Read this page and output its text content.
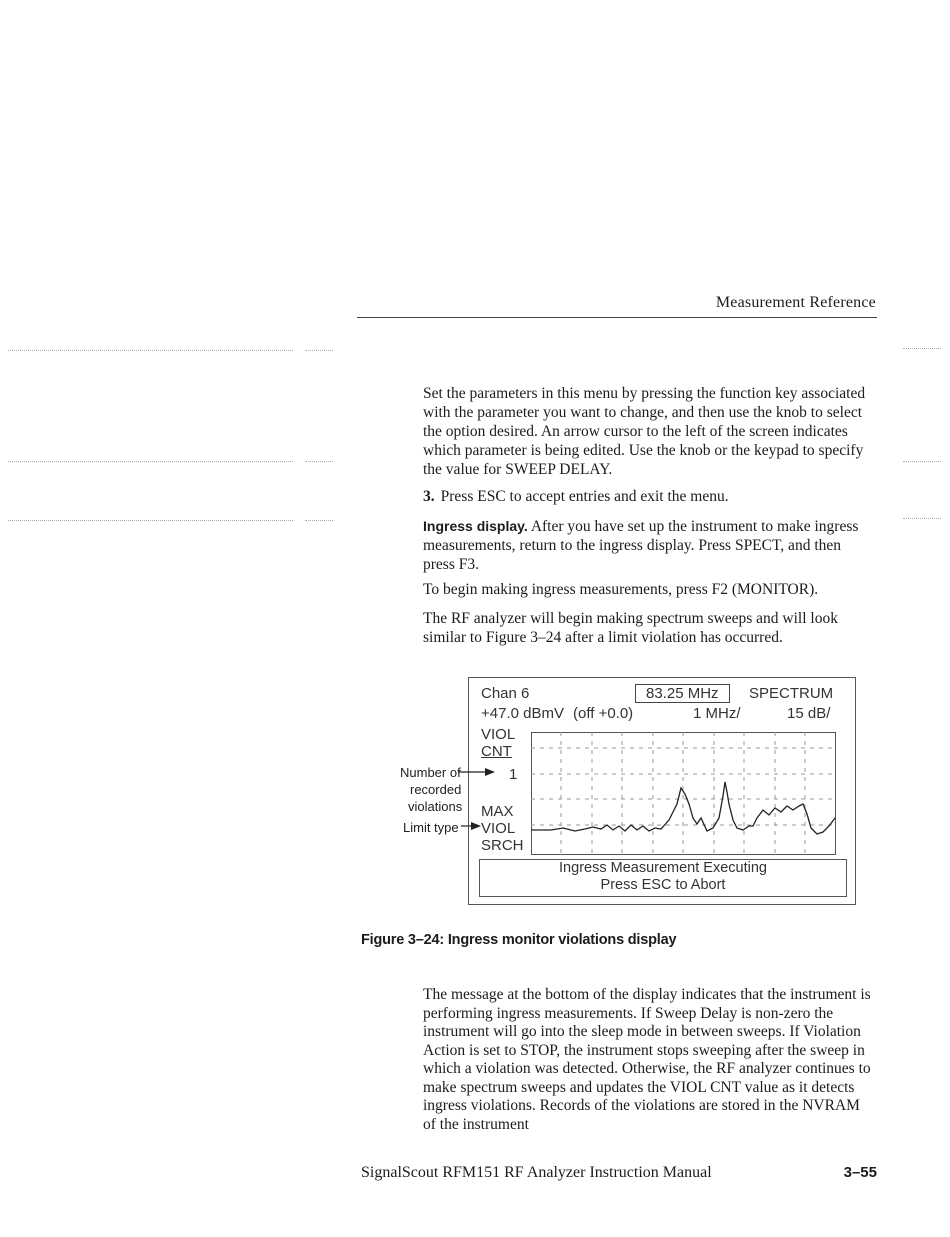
Measurement Reference
Set the parameters in this menu by pressing the function key associated with the parameter you want to change, and then use the knob to select the option desired. An arrow cursor to the left of the screen indicates which parameter is being edited. Use the knob or the keypad to specify the value for SWEEP DELAY.
3. Press ESC to accept entries and exit the menu.
Ingress display. After you have set up the instrument to make ingress measurements, return to the ingress display. Press SPECT, and then press F3.
To begin making ingress measurements, press F2 (MONITOR).
The RF analyzer will begin making spectrum sweeps and will look similar to Figure 3–24 after a limit violation has occurred.
Chan 6	83.25 MHz	SPECTRUM
+47.0 dBmV (off +0.0)	1 MHz/	15 dB/
VIOL
CNT
1
MAX
VIOL
SRCH
Ingress Measurement Executing
Press ESC to Abort
Number of
recorded
violations
Limit type
Figure 3–24: Ingress monitor violations display
The message at the bottom of the display indicates that the instrument is performing ingress measurements. If Sweep Delay is non-zero the instrument will go into the sleep mode in between sweeps. If Violation Action is set to STOP, the instrument stops sweeping after the sweep in which a violation was detected. Otherwise, the RF analyzer continues to make spectrum sweeps and updates the VIOL CNT value as it detects ingress violations. Records of the violations are stored in the NVRAM of the instrument
SignalScout RFM151 RF Analyzer Instruction Manual	3–55
